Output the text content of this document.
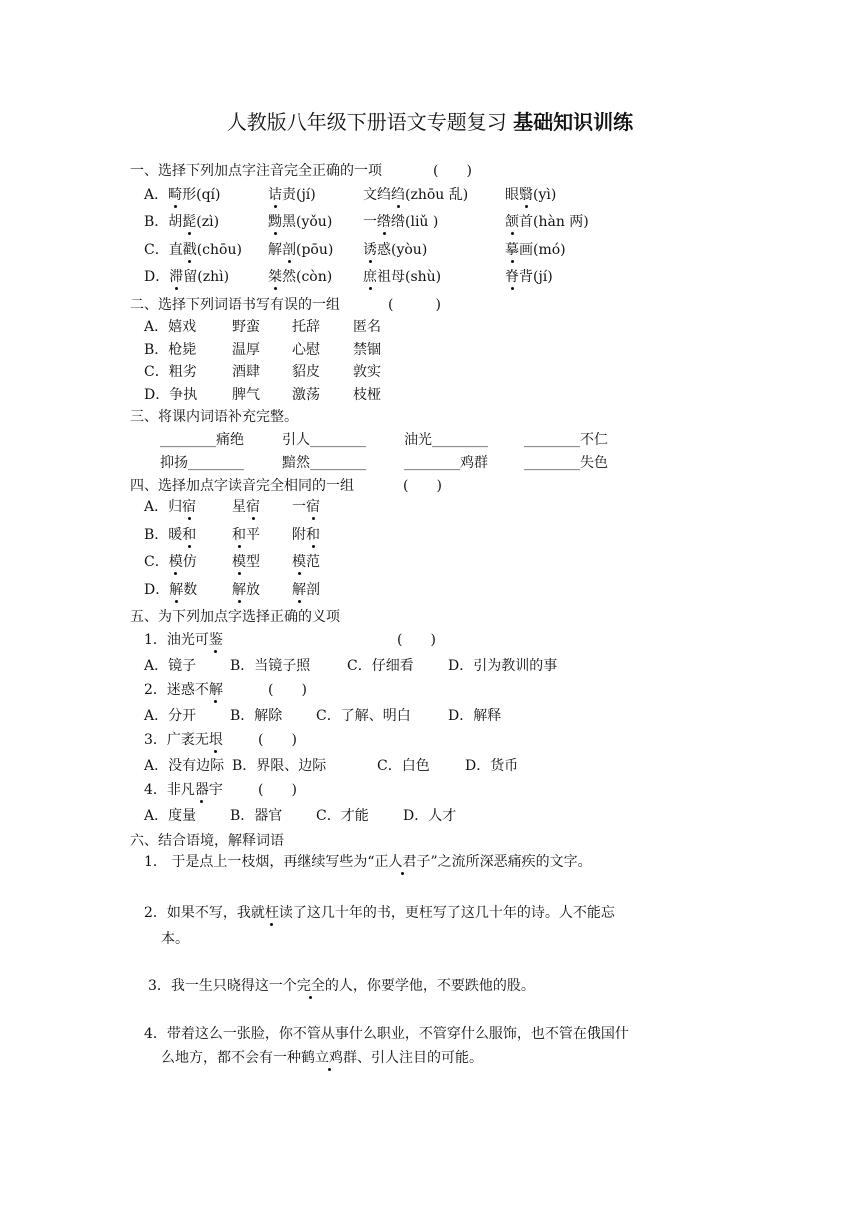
人教版八年级下册语文专题复习 基础知识训练
一、选择下列加点字注音完全正确的一项	(　　)
A．畸形(qí)	诘责(jí)	文绉绉(zhōu 乱)	眼翳(yì)
B．胡髭(zì)	黝黑(yǒu) 一绺绺(liǔ )	颔首(hàn 两)
C．直戳(chōu) 解剖(pōu) 诱惑(yòu)	摹画(mó)
D．滞留(zhì)	桀然(còn) 庶祖母(shù)	脊背(jí)
二、选择下列词语书写有误的一组	(　　　)
A．嬉戏	野蛮 托辞 匿名
B．枪毙	温厚 心慰 禁锢
C．粗劣	酒肆 貂皮 敦实
D．争执 脾气 激荡 枝桠
三、将课内词语补充完整。
________痛绝	引人________	油光________	________不仁
抑扬________	黯然________	________鸡群	________失色
四、选择加点字读音完全相同的一组	(　　)
A．归宿	星宿 一宿
B．暖和	和平 附和
C．模仿	模型 模范
D．解数 解放 解剖
五、为下列加点字选择正确的义项
1．油光可鉴	(　　)
A．镜子 B．当镜子照	C．仔细看 D．引为教训的事
2．迷惑不解	(　　)
A．分开 B．解除 C．了解、明白	D．解释
3．广袤无垠	(　　)
A．没有边际 B．界限、边际	C．白色	D．货币
4．非凡器宇	(　　)
A．度量 B．器官 C．才能 D．人才
六、结合语境，解释词语
1． 于是点上一枝烟，再继续写些为“正人君子”之流所深恶痛疾的文字。
2．如果不写，我就枉读了这几十年的书，更枉写了这几十年的诗。人不能忘
本。
3．我一生只晓得这一个完全的人，你要学他，不要跌他的股。
4．带着这么一张脸，你不管从事什么职业，不管穿什么服饰，也不管在俄国什
么地方，都不会有一种鹤立鸡群、引人注目的可能。
